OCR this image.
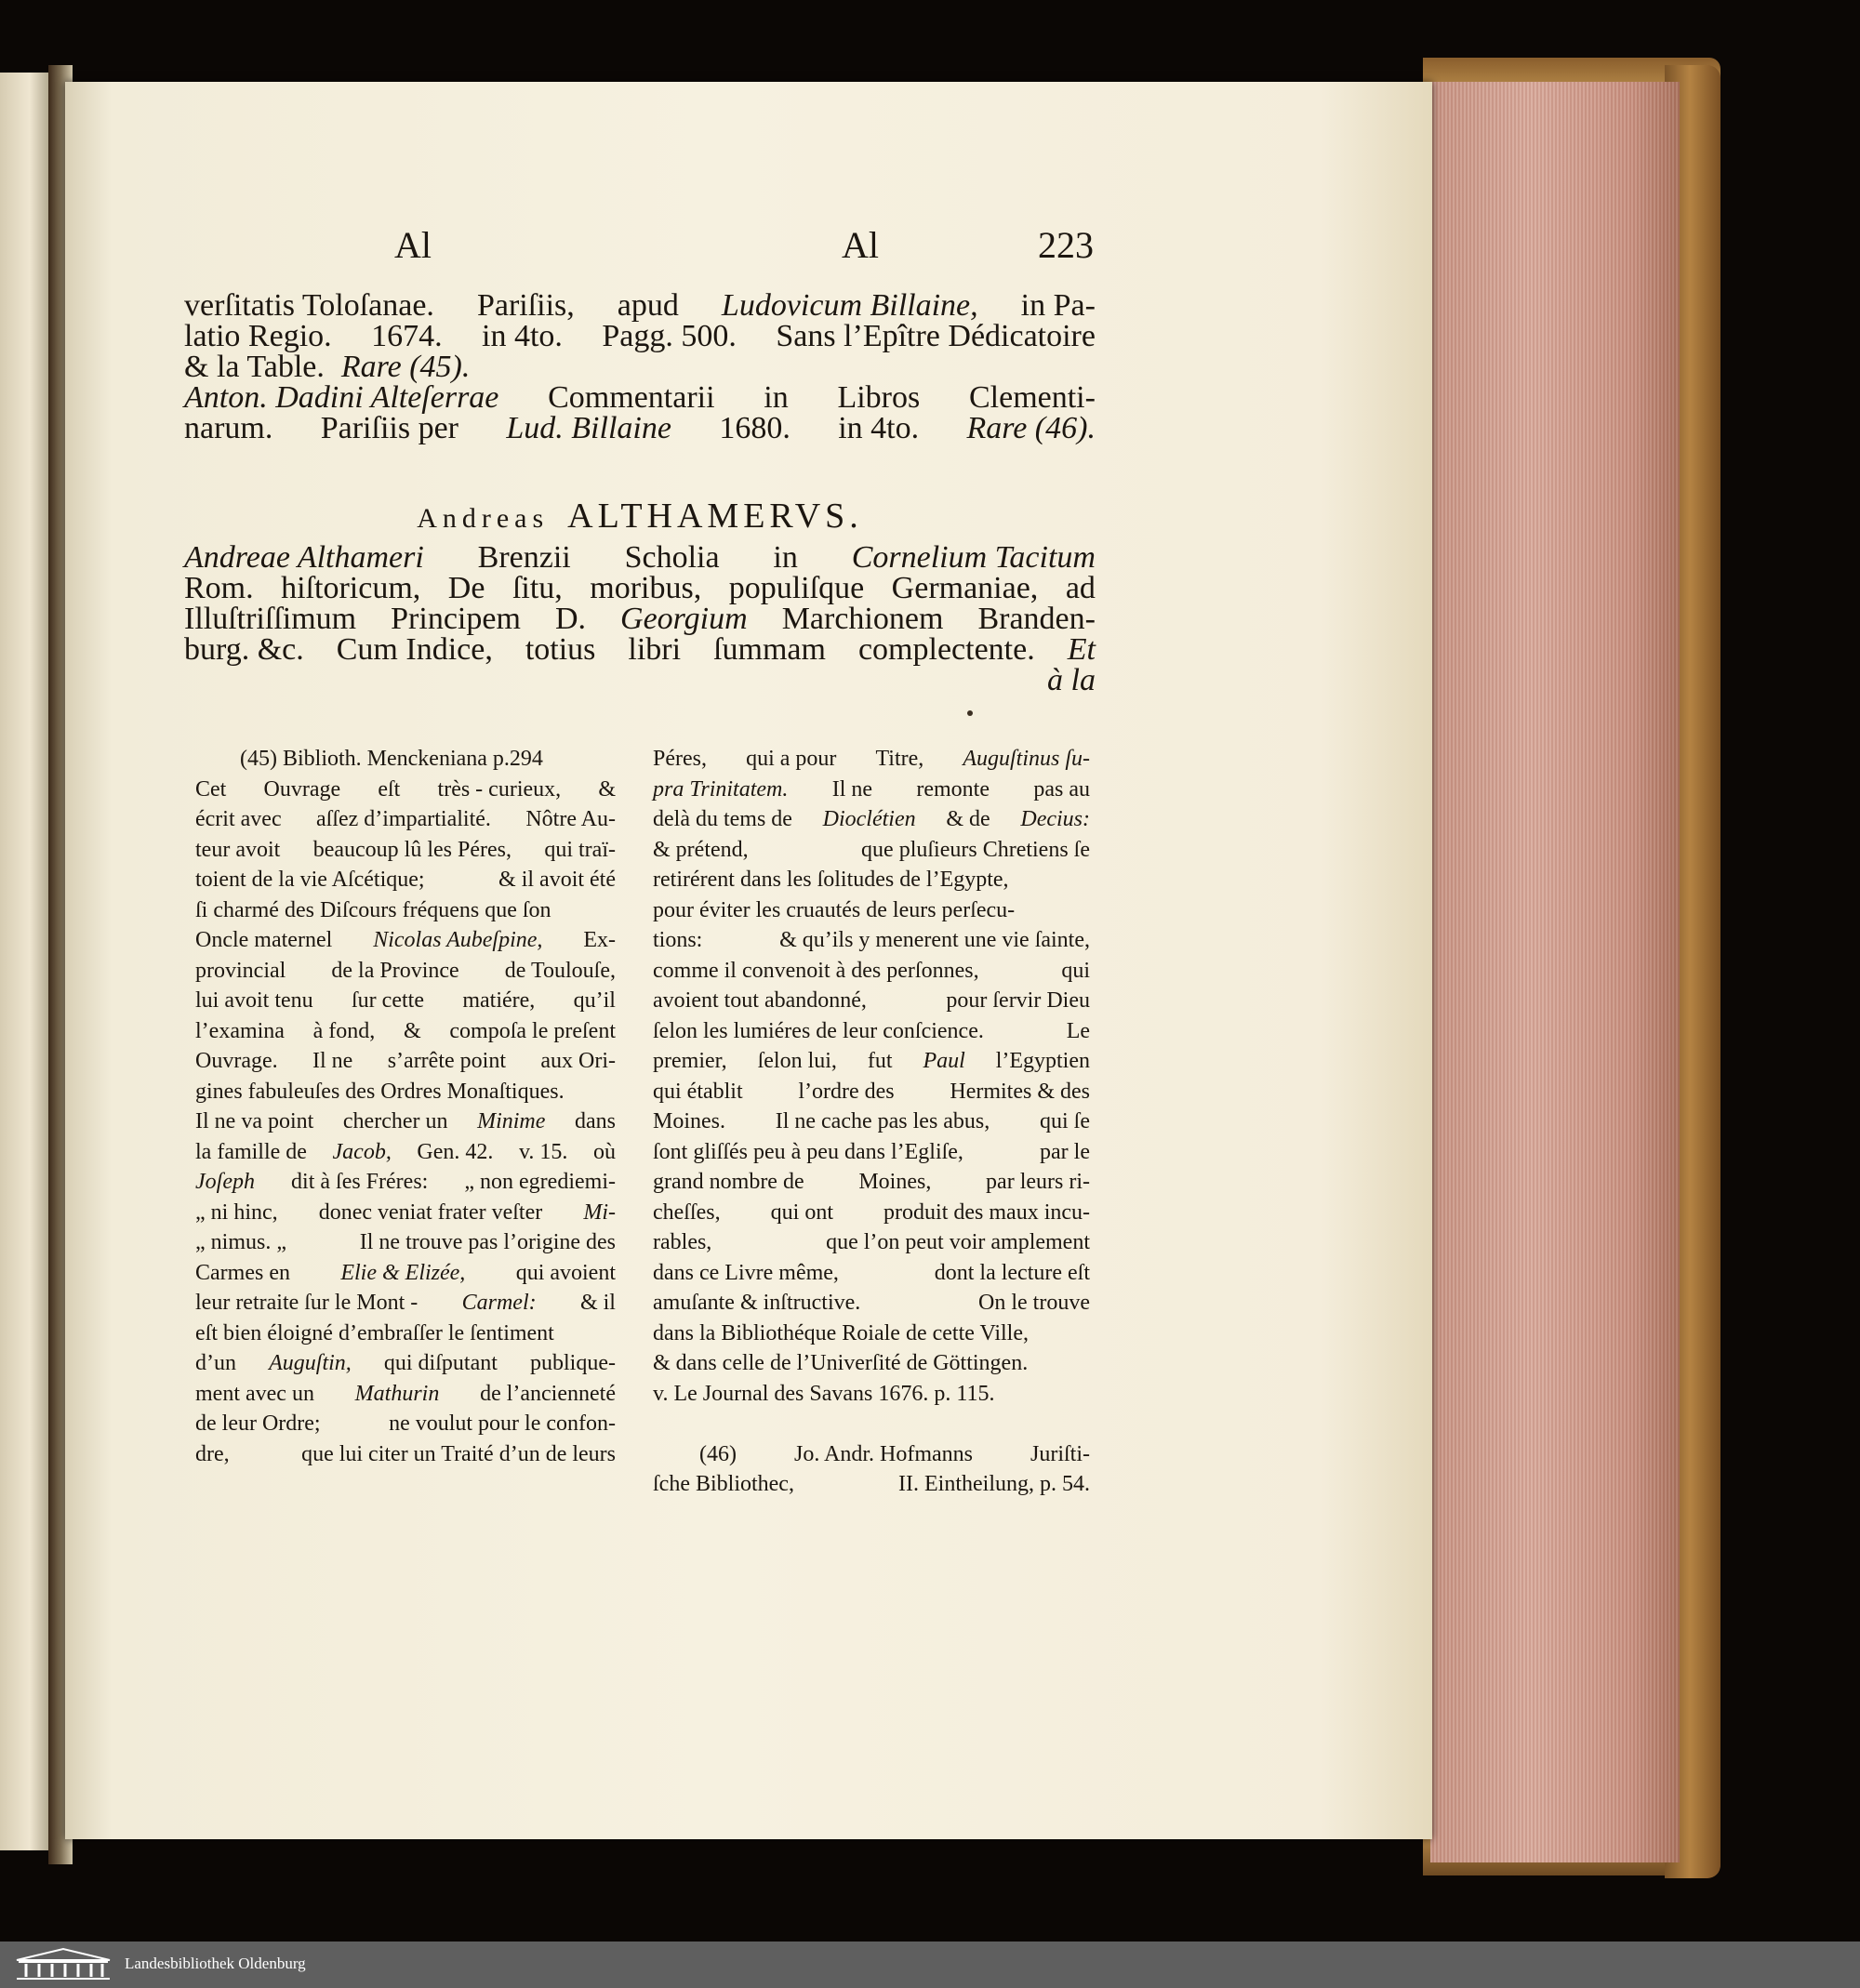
Al	Al	223
verſitatis Toloſanae. Pariſiis, apud Ludovicum Billaine, in Pa-
latio Regio. 1674. in 4to. Pagg. 500. Sans l’Epître Dédicatoire
& la Table. Rare (45).
Anton. Dadini Alteſerrae Commentarii in Libros Clementi-
narum. Pariſiis per Lud. Billaine 1680. in 4to. Rare (46).
Andreas ALTHAMERVS.
Andreae Althameri Brenzii Scholia in Cornelium Tacitum
Rom. hiſtoricum, De ſitu, moribus, populiſque Germaniae, ad
Illuſtriſſimum Principem D. Georgium Marchionem Branden-
burg. &c. Cum Indice, totius libri ſummam complectente. Et
à la
(45) Biblioth. Menckeniana p.294
Cet Ouvrage eſt très - curieux, &
écrit avec aſſez d’impartialité. Nôtre Au-
teur avoit beaucoup lû les Péres, qui traï-
toient de la vie Aſcétique;	& il avoit été
ſi charmé des Diſcours fréquens que ſon
Oncle maternel Nicolas Aubeſpine, Ex-
provincial de la Province de Toulouſe,
lui avoit tenu ſur cette matiére, qu’il
l’examina à fond, & compoſa le preſent
Ouvrage. Il ne s’arrête point aux Ori-
gines fabuleuſes des Ordres Monaſtiques.
Il ne va point chercher un Minime dans
la famille de Jacob, Gen. 42. v. 15. où
Joſeph dit à ſes Fréres: „ non egrediemi-
„ ni hinc, donec veniat frater veſter Mi-
„ nimus. „	Il ne trouve pas l’origine des
Carmes en Elie & Elizée, qui avoient
leur retraite ſur le Mont - Carmel: & il
eſt bien éloigné d’embraſſer le ſentiment
d’un Auguſtin, qui diſputant publique-
ment avec un Mathurin de l’ancienneté
de leur Ordre;	ne voulut pour le confon-
dre,	que lui citer un Traité d’un de leurs
Péres, qui a pour Titre, Auguſtinus ſu-
pra Trinitatem. Il ne remonte pas au
delà du tems de Dioclétien & de Decius:
& prétend,	que pluſieurs Chretiens ſe
retirérent dans les ſolitudes de l’Egypte,
pour éviter les cruautés de leurs perſecu-
tions:	& qu’ils y menerent une vie ſainte,
comme il convenoit à des perſonnes,	qui
avoient tout abandonné,	pour ſervir Dieu
ſelon les lumiéres de leur conſcience.	Le
premier, ſelon lui, fut Paul l’Egyptien
qui établit l’ordre des Hermites & des
Moines. Il ne cache pas les abus, qui ſe
ſont gliſſés peu à peu dans l’Egliſe,	par le
grand nombre de Moines, par leurs ri-
cheſſes, qui ont produit des maux incu-
rables,	que l’on peut voir amplement
dans ce Livre même,	dont la lecture eſt
amuſante & inſtructive.	On le trouve
dans la Bibliothéque Roiale de cette Ville,
& dans celle de l’Univerſité de Göttingen.
v. Le Journal des Savans 1676. p. 115.
(46)	Jo. Andr. Hofmanns	Juriſti-
ſche Bibliothec,	II. Eintheilung, p. 54.
Landesbibliothek Oldenburg
